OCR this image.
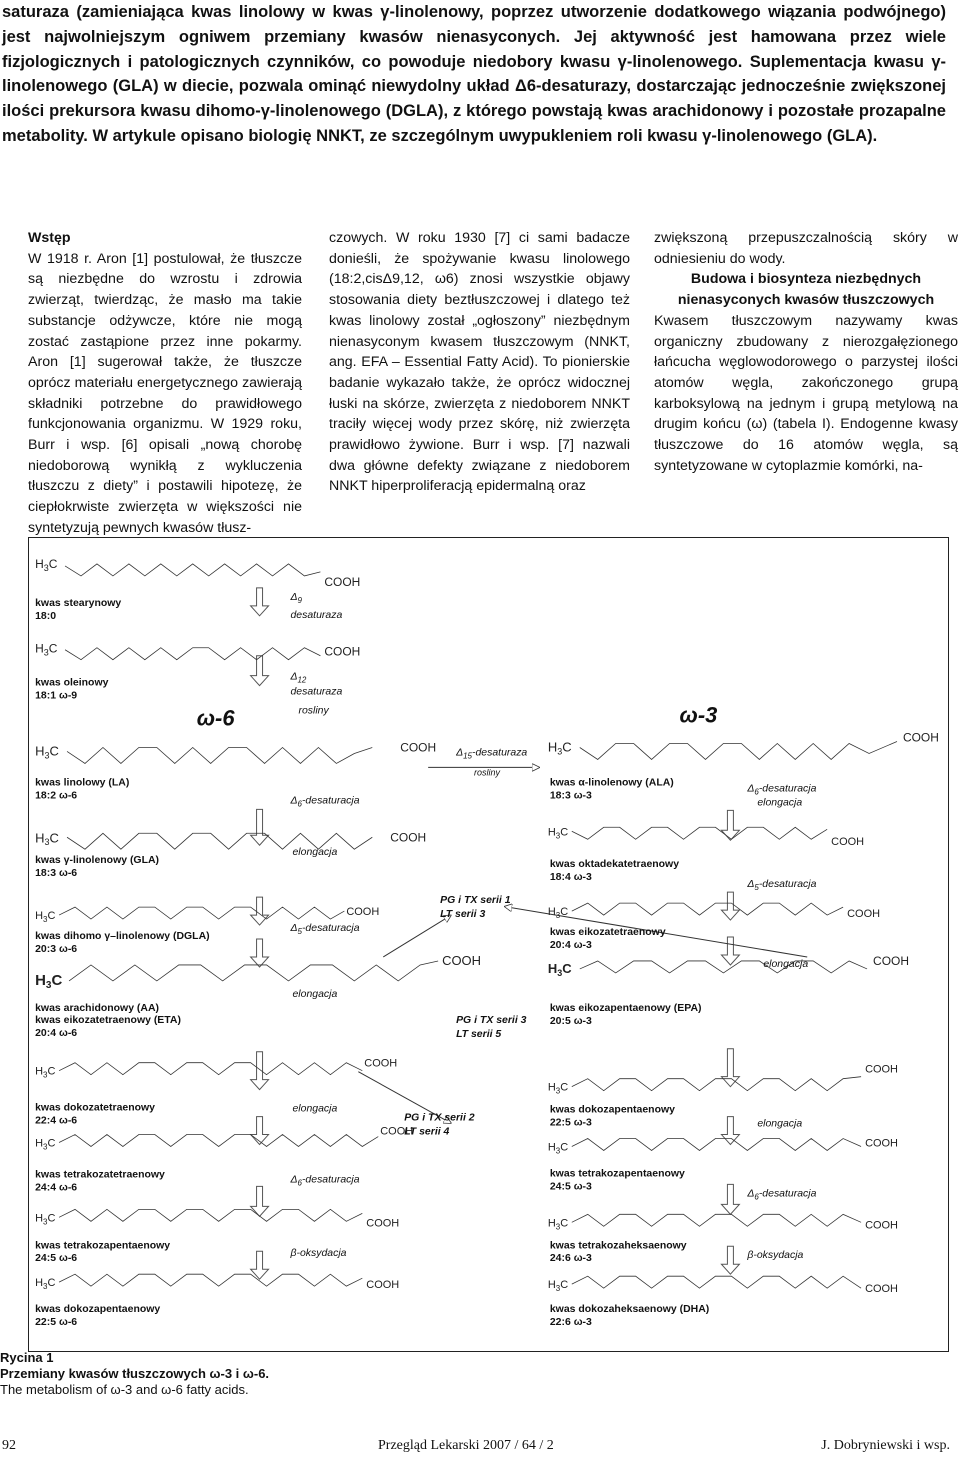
saturaza (zamieniająca kwas linolowy w kwas γ-linolenowy, poprzez utworzenie dodatkowego wiązania podwójnego) jest najwolniejszym ogniwem przemiany kwasów nienasyconych. Jej aktywność jest hamowana przez wiele fizjologicznych i patologicznych czynników, co powoduje niedobory kwasu γ-linolenowego. Suplementacja kwasu γ-linolenowego (GLA) w diecie, pozwala ominąć niewydolny układ Δ6-desaturazy, dostarczając jednocześnie zwiększonej ilości prekursora kwasu dihomo-γ-linolenowego (DGLA), z którego powstają kwas arachidonowy i pozostałe prozapalne metabolity. W artykule opisano biologię NNKT, ze szczególnym uwypukleniem roli kwasu γ-linolenowego (GLA).

Wstęp

W 1918 r. Aron [1] postulował, że tłuszcze są niezbędne do wzrostu i zdrowia zwierząt, twierdząc, że masło ma takie substancje odżywcze, które nie mogą zostać zastąpione przez inne pokarmy. Aron [1] sugerował także, że tłuszcze oprócz materiału energetycznego zawierają składniki potrzebne do prawidłowego funkcjonowania organizmu. W 1929 roku, Burr i wsp. [6] opisali „nową chorobę niedoborową wynikłą z wykluczenia tłuszczu z diety” i postawili hipotezę, że ciepłokrwiste zwierzęta w większości nie syntetyzują pewnych kwasów tłusz-

czowych. W roku 1930 [7] ci sami badacze donieśli, że spożywanie kwasu linolowego (18:2,cisΔ9,12, ω6) znosi wszystkie objawy stosowania diety beztłuszczowej i dlatego też kwas linolowy został „ogłoszony” niezbędnym nienasyconym kwasem tłuszczowym (NNKT, ang. EFA – Essential Fatty Acid). To pionierskie badanie wykazało także, że oprócz widocznej łuski na skórze, zwierzęta z niedoborem NNKT traciły więcej wody przez skórę, niż zwierzęta prawidłowo żywione. Burr i wsp. [7] nazwali dwa główne defekty związane z niedoborem NNKT hiperproliferacją epidermalną oraz

zwiększoną przepuszczalnością skóry w odniesieniu do wody.

Budowa i biosynteza niezbędnych nienasyconych kwasów tłuszczowych

Kwasem tłuszczowym nazywamy kwas organiczny zbudowany z nierozgałęzionego łańcucha węglowodorowego o parzystej ilości atomów węgla, zakończonego grupą karboksylową na jednym i grupą metylową na drugim końcu (ω) (tabela I). Endogenne kwasy tłuszczowe do 16 atomów węgla, są syntetyzowane w cytoplazmie komórki, na-

ω-6	ω-3
$H_3C$
COOH
$H_3C$	COOH
$H_3C$	COOH
$H_3C$	COOH
$H_3C$	COOH
$H_3C$
COOH
$H_3C$
COOH
$H_3C$
COOH
$H_3C$	COOH
$H_3C$	COOH
kwas stearynowy
18:0
kwas oleinowy
18:1 ω-9
kwas linolowy (LA)
18:2 ω-6
kwas γ-linolenowy (GLA)
18:3 ω-6
kwas dihomo γ–linolenowy (DGLA)
20:3 ω-6
kwas arachidonowy (AA)
kwas eikozatetraenowy (ETA)
20:4 ω-6
kwas dokozatetraenowy
22:4 ω-6
kwas tetrakozatetraenowy
24:4 ω-6
kwas tetrakozapentaenowy
24:5 ω-6
kwas dokozapentaenowy
22:5 ω-6
$\Delta_9$
desaturaza
$\Delta_{12}$
desaturaza
rosliny
$\Delta_6$-desaturacja
elongacja
$\Delta_5$-desaturacja
elongacja
elongacja
$\Delta_6$-desaturacja
β-oksydacja
$\Delta_{15}$-desaturaza
rosliny
PG i TX serii 1
LT serii 3
PG i TX serii 3
LT serii 5
PG i TX serii 2
LT serii 4
$H_3C$
COOH
$H_3C$
COOH
$H_3C$	COOH
$H_3C$	COOH
$H_3C$
COOH
$H_3C$	COOH
$H_3C$	COOH
$H_3C$	COOH
kwas α-linolenowy (ALA)
18:3 ω-3
kwas oktadekatetraenowy
18:4 ω-3
kwas eikozatetraenowy
20:4 ω-3
kwas eikozapentaenowy (EPA)
20:5 ω-3
kwas dokozapentaenowy
22:5 ω-3
kwas tetrakozapentaenowy
24:5 ω-3
kwas tetrakozaheksaenowy
24:6 ω-3
kwas dokozaheksaenowy (DHA)
22:6 ω-3
$\Delta_6$-desaturacja
elongacja
$\Delta_5$-desaturacja
elongacja
elongacja
$\Delta_6$-desaturacja
β-oksydacja
Rycina 1
Przemiany kwasów tłuszczowych ω-3 i ω-6.
The metabolism of ω-3 and ω-6 fatty acids.
92	Przegląd Lekarski 2007 / 64 / 2	J. Dobryniewski i wsp.
